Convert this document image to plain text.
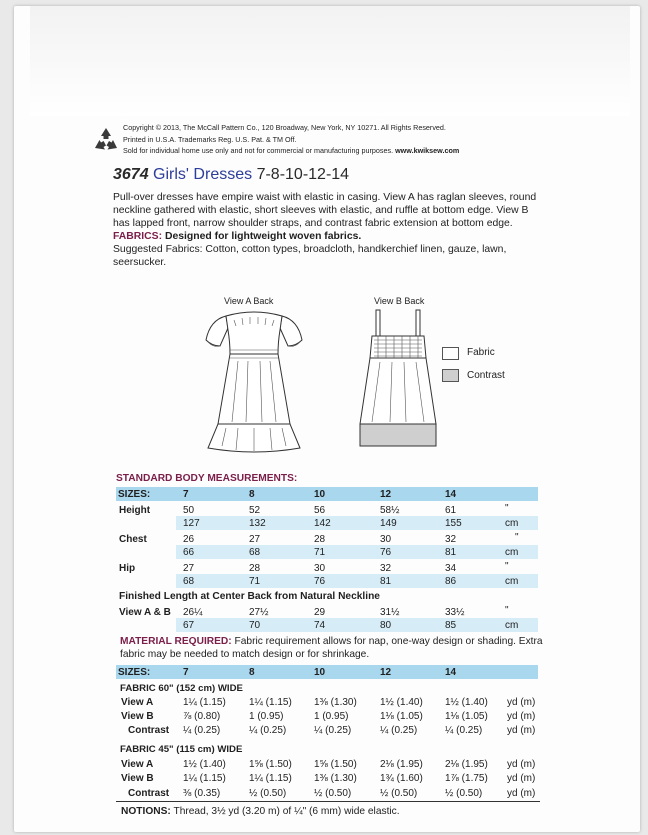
Copyright © 2013, The McCall Pattern Co., 120 Broadway, New York, NY 10271. All Rights Reserved.
Printed in U.S.A. Trademarks Reg. U.S. Pat. & TM Off.
Sold for individual home use only and not for commercial or manufacturing purposes. www.kwiksew.com
3674 Girls' Dresses 7-8-10-12-14

Pull-over dresses have empire waist with elastic in casing. View A has raglan sleeves, round neckline gathered with elastic, short sleeves with elastic, and ruffle at bottom edge. View B has lapped front, narrow shoulder straps, and contrast fabric extension at bottom edge.

FABRICS: Designed for lightweight woven fabrics.

Suggested Fabrics: Cotton, cotton types, broadcloth, handkerchief linen, gauze, lawn, seersucker.

View A Back	View B Back
Fabric
Contrast
STANDARD BODY MEASUREMENTS:
SIZES:	7	8	10	12	14
Height	50	52	56	58½	61	"
127	132	142	149	155	cm
Chest	26	27	28	30	32	"
66	68	71	76	81	cm
Hip	27	28	30	32	34	"
68	71	76	81	86	cm
Finished Length at Center Back from Natural Neckline
View A & B 26¼	27½	29	31½	33½	"
67	70	74	80	85	cm
MATERIAL REQUIRED: Fabric requirement allows for nap, one-way design or shading. Extra fabric may be needed to match design or for shrinkage.
SIZES:	7	8	10	12	14
FABRIC 60" (152 cm) WIDE
View A	1¼ (1.15) 1¼ (1.15) 1⅜ (1.30) 1½ (1.40) 1½ (1.40) yd (m)
View B	⅞ (0.80)	1 (0.95)	1 (0.95)	1⅛ (1.05) 1⅛ (1.05) yd (m)
Contrast ¼ (0.25)	¼ (0.25)	¼ (0.25)	¼ (0.25)	¼ (0.25) yd (m)
FABRIC 45" (115 cm) WIDE
View A	1½ (1.40) 1⅝ (1.50) 1⅝ (1.50) 2⅛ (1.95) 2⅛ (1.95) yd (m)
View B	1¼ (1.15) 1¼ (1.15) 1⅜ (1.30) 1¾ (1.60) 1⅞ (1.75) yd (m)
Contrast ⅜ (0.35)	½ (0.50)	½ (0.50)	½ (0.50)	½ (0.50) yd (m)
NOTIONS: Thread, 3½ yd (3.20 m) of ¼" (6 mm) wide elastic.
